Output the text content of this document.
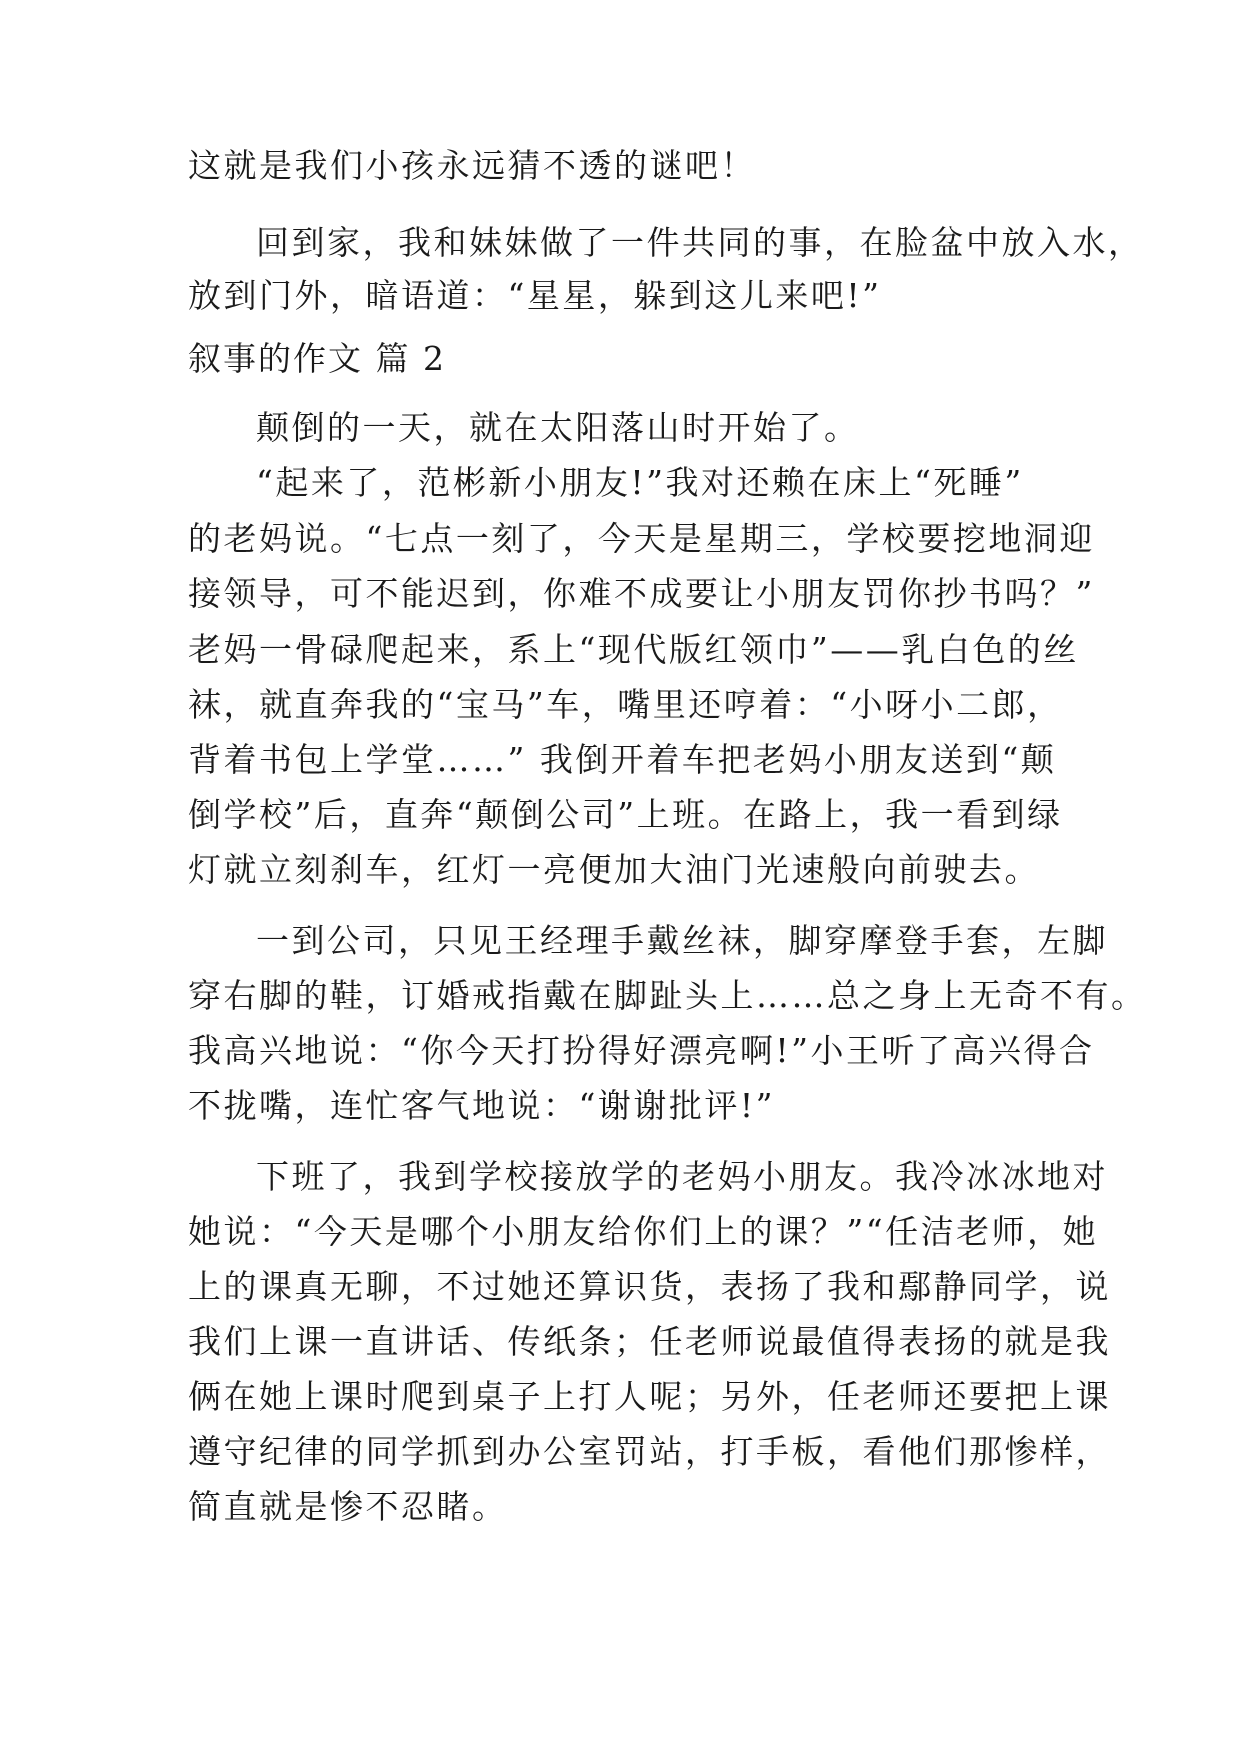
这就是我们小孩永远猜不透的谜吧！
回到家，我和妹妹做了一件共同的事，在脸盆中放入水，
放到门外，暗语道：“星星，躲到这儿来吧!”
叙事的作文 篇 2
颠倒的一天，就在太阳落山时开始了。
“起来了，范彬新小朋友!”我对还赖在床上“死睡”
的老妈说。“七点一刻了，今天是星期三，学校要挖地洞迎
接领导，可不能迟到，你难不成要让小朋友罚你抄书吗？”
老妈一骨碌爬起来，系上“现代版红领巾”——乳白色的丝
袜，就直奔我的“宝马”车，嘴里还哼着：“小呀小二郎，
背着书包上学堂……” 我倒开着车把老妈小朋友送到“颠
倒学校”后，直奔“颠倒公司”上班。在路上，我一看到绿
灯就立刻刹车，红灯一亮便加大油门光速般向前驶去。
一到公司，只见王经理手戴丝袜，脚穿摩登手套，左脚
穿右脚的鞋，订婚戒指戴在脚趾头上……总之身上无奇不有。
我高兴地说：“你今天打扮得好漂亮啊!”小王听了高兴得合
不拢嘴，连忙客气地说：“谢谢批评!”
下班了，我到学校接放学的老妈小朋友。我冷冰冰地对
她说：“今天是哪个小朋友给你们上的课？”“任洁老师，她
上的课真无聊，不过她还算识货，表扬了我和鄢静同学，说
我们上课一直讲话、传纸条；任老师说最值得表扬的就是我
俩在她上课时爬到桌子上打人呢；另外，任老师还要把上课
遵守纪律的同学抓到办公室罚站，打手板，看他们那惨样，
简直就是惨不忍睹。
